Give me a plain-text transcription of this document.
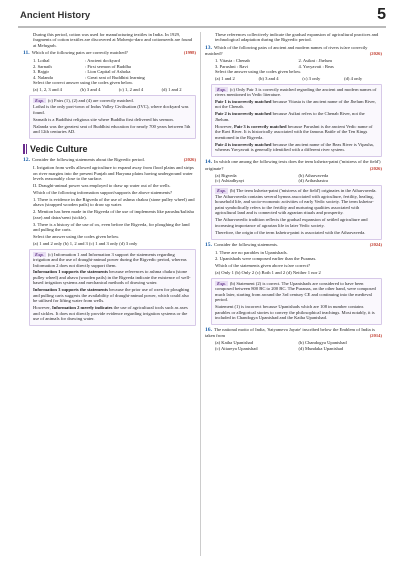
Ancient History	5

During this period, cotton was used for manufacturing textiles in India. In 1929, fragments of cotton textiles are discovered at Mohenjo-daro and cottonseeds are found at Mehrgarh.

11. Which of the following pairs are correctly matched?	(1998)

1. Lothal	: Ancient dockyard
2. Sarnath	: First sermon of Buddha
3. Rajgir	: Lion Capital of Ashoka
4. Nalanda	: Great seat of Buddhist learning

Select the correct answer using the codes given below.

(a) 1, 2, 3 and 4	(b) 3 and 4	(c) 1, 2 and 4	(d) 1 and 2

Exp. (c) Pairs (1), (2) and (4) are correctly matched.

Lothal is the only port-town of Indus Valley Civilisation (IVC), where dockyard was found.

Sarnath is a Buddhist religious site where Buddha first delivered his sermon.

Nalanda was the greatest seat of Buddhist education for nearly 700 years between 5th and 12th centuries AD.

Vedic Culture

12. Consider the following statements about the Rigvedic period.	(2026)

I. Irrigation from wells allowed agriculture to expand away from flood plains and strips on river margins into the present Punjab and Haryana plains having underground water levels reasonably close to the surface.

II. Draught-animal power was employed to draw up water out of the wells.

Which of the following information support/supports the above statements?

1. There is evidence in the Rigveda of the use of ashma chakra (stone pulley wheel) and ahava (strapped wooden pails) to draw up water.

2. Mention has been made in the Rigveda of the use of implements like parashu/kulisha (axe) and datra/sreni (sickle).

3. There is a history of the use of ox, even before the Rigveda, for ploughing the land and pulling the carts.

Select the answer using the codes given below.

(a) 1 and 2 only (b) 1, 2 and 3 (c) 1 and 3 only (d) 3 only

Exp. (c) Information 1 and Information 3 support the statements regarding irrigation and the use of draught-animal power during the Rigvedic period, whereas Information 2 does not directly support them.

Information 1 supports the statements because references to ashma chakra (stone pulley wheel) and ahava (wooden pails) in the Rigveda indicate the existence of well-based irrigation systems and mechanical methods of drawing water.

Information 3 supports the statements because the prior use of oxen for ploughing and pulling carts suggests the availability of draught-animal power, which could also be utilised for lifting water from wells.

However, Information 2 merely indicates the use of agricultural tools such as axes and sickles. It does not directly provide evidence regarding irrigation systems or the use of animals for drawing water.

These references collectively indicate the gradual expansion of agricultural practices and technological adaptation during the Rigvedic period.

13. Which of the following pairs of ancient and modern names of rivers is/are correctly matched?	(2026)

1. Vitasta : Chenab	2. Asikni : Jhelum
3. Parushni : Ravi	4. Yavyavati : Beas

Select the answer using the codes given below.

(a) 1 and 2	(b) 3 and 4	(c) 3 only	(d) 4 only

Exp. (c) Only Pair 3 is correctly matched regarding the ancient and modern names of rivers mentioned in Vedic literature.

Pair 1 is incorrectly matched because Vitasta is the ancient name of the Jhelum River, not the Chenab.

Pair 2 is incorrectly matched because Asikni refers to the Chenab River, not the Jhelum.

However, Pair 3 is correctly matched because Parushni is the ancient Vedic name of the Ravi River. It is historically associated with the famous Battle of the Ten Kings mentioned in the Rigveda.

Pair 4 is incorrectly matched because the ancient name of the Beas River is Vipasha, whereas Yavyavati is generally identified with a different river system.

14. In which one among the following texts does the term kshetra-patni ('mistress of the field') originate?	(2026)

(a) Rigveda	(b) Atharvaveda
(c) Ashtadhyayi	(d) Arthashastra

Exp. (b) The term kshetra-patni ('mistress of the field') originates in the Atharvaveda. The Atharvaveda contains several hymns associated with agriculture, fertility, healing, household life, and socio-economic activities of early Vedic society. The term kshetra-patni symbolically refers to the fertility and nurturing qualities associated with agricultural land and is connected with agrarian rituals and prosperity.

The Atharvavedic tradition reflects the gradual expansion of settled agriculture and increasing importance of agrarian life in later Vedic society.

Therefore, the origin of the term kshetra-patni is associated with the Atharvaveda.

15. Consider the following statements.	(2024)

1. There are no parables in Upanishads.

2. Upanishads were composed earlier than the Puranas.

Which of the statements given above is/are correct?

(a) Only 1 (b) Only 2 (c) Both 1 and 2 (d) Neither 1 nor 2

Exp. (b) Statement (2) is correct. The Upanishads are considered to have been composed between 800 BC to 200 BC. The Puranas, on the other hand, were composed much later, starting from around the 3rd century CE and continuing into the medieval period.

Statement (1) is incorrect because Upanishads which are 108 in number contains parables or allegorical stories to convey the philosophical teachings. Most notably, it is included in Chandogya Upanishad and the Katha Upanishad.

16. The national motto of India, 'Satyameva Jayate' inscribed below the Emblem of India is taken from	(2014)

(a) Katha Upanishad	(b) Chandogya Upanishad
(c) Aitareya Upanishad	(d) Mundaka Upanishad
